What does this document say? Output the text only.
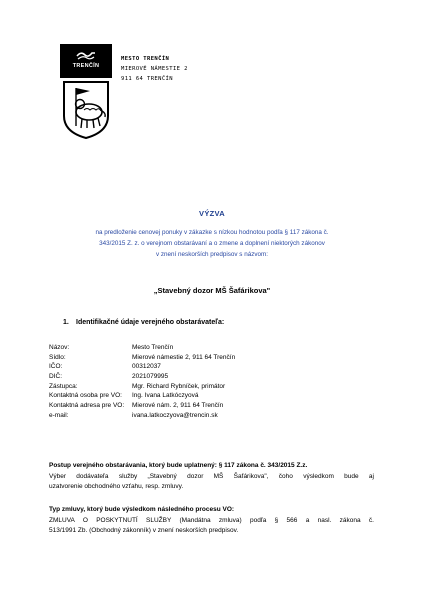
TRENČÍN
MESTO TRENČÍN
MIEROVÉ NÁMESTIE 2
911 64 TRENČÍN
VÝZVA
na predloženie cenovej ponuky v zákazke s nízkou hodnotou podľa § 117 zákona č.
343/2015 Z. z. o verejnom obstarávaní a o zmene a doplnení niektorých zákonov
v znení neskorších predpisov s názvom:
„Stavebný dozor MŠ Šafárikova"
1. Identifikačné údaje verejného obstarávateľa:
Názov:	Mesto Trenčín
Sídlo:	Mierové námestie 2, 911 64 Trenčín
IČO:	00312037
DIČ:	2021079995
Zástupca:	Mgr. Richard Rybníček, primátor
Kontaktná osoba pre VO: Ing. Ivana Latkóczyová
Kontaktná adresa pre VO: Mierové nám. 2, 911 64 Trenčín
e-mail:	ivana.latkoczyova@trencin.sk
Postup verejného obstarávania, ktorý bude uplatnený: § 117 zákona č. 343/2015 Z.z.
Výber dodávateľa služby „Stavebný dozor MŠ Šafárikova", čoho výsledkom bude aj
uzatvorenie obchodného vzťahu, resp. zmluvy.
Typ zmluvy, ktorý bude výsledkom následného procesu VO:
ZMLUVA O POSKYTNUTÍ SLUŽBY (Mandátna zmluva) podľa § 566 a nasl. zákona č.
513/1991 Zb. (Obchodný zákonník) v znení neskorších predpisov.
